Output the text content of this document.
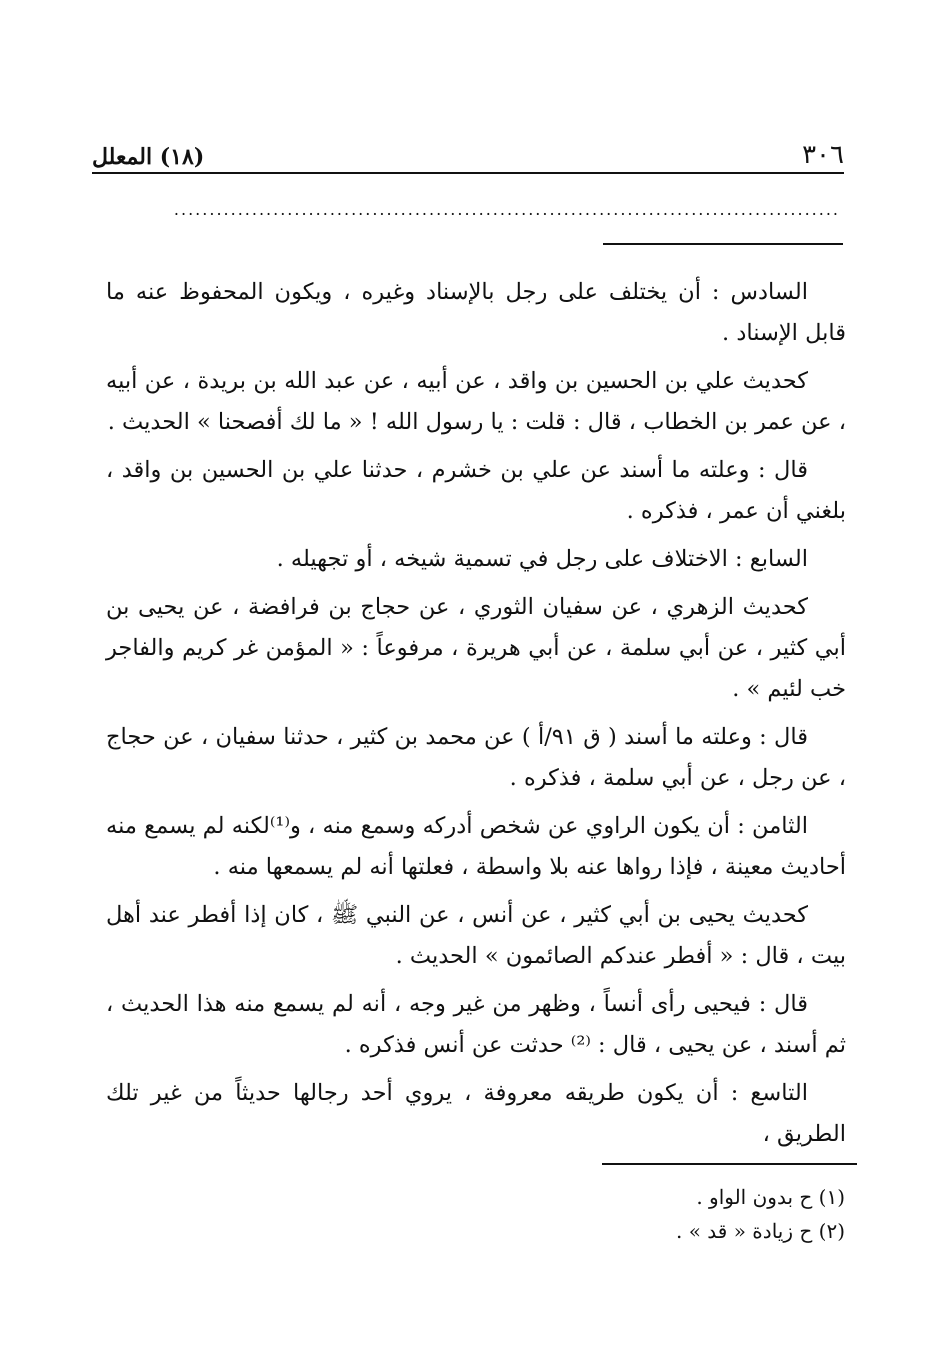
٣٠٦
(١٨) المعلل
..............................................................................................

السادس : أن يختلف على رجل بالإسناد وغيره ، ويكون المحفوظ عنه ما قابل الإسناد .

كحديث علي بن الحسين بن واقد ، عن أبيه ، عن عبد الله بن بريدة ، عن أبيه ، عن عمر بن الخطاب ، قال : قلت : يا رسول الله ! « ما لك أفصحنا » الحديث .

قال : وعلته ما أسند عن علي بن خشرم ، حدثنا علي بن الحسين بن واقد ، بلغني أن عمر ، فذكره .

السابع : الاختلاف على رجل في تسمية شيخه ، أو تجهيله .

كحديث الزهري ، عن سفيان الثوري ، عن حجاج بن فرافضة ، عن يحيى بن أبي كثير ، عن أبي سلمة ، عن أبي هريرة ، مرفوعاً : « المؤمن غر كريم والفاجر خب لئيم » .

قال : وعلته ما أسند ( ق ٩١/أ ) عن محمد بن كثير ، حدثنا سفيان ، عن حجاج ، عن رجل ، عن أبي سلمة ، فذكره .

الثامن : أن يكون الراوي عن شخص أدركه وسمع منه ، و⁽¹⁾لكنه لم يسمع منه أحاديث معينة ، فإذا رواها عنه بلا واسطة ، فعلتها أنه لم يسمعها منه .

كحديث يحيى بن أبي كثير ، عن أنس ، عن النبي ﷺ ، كان إذا أفطر عند أهل بيت ، قال : « أفطر عندكم الصائمون » الحديث .

قال : فيحيى رأى أنساً ، وظهر من غير وجه ، أنه لم يسمع منه هذا الحديث ، ثم أسند ، عن يحيى ، قال : ⁽²⁾ حدثت عن أنس فذكره .

التاسع : أن يكون طريقه معروفة ، يروي أحد رجالها حديثاً من غير تلك الطريق ،

(١) ح بدون الواو .

(٢) ح زيادة « قد » .
